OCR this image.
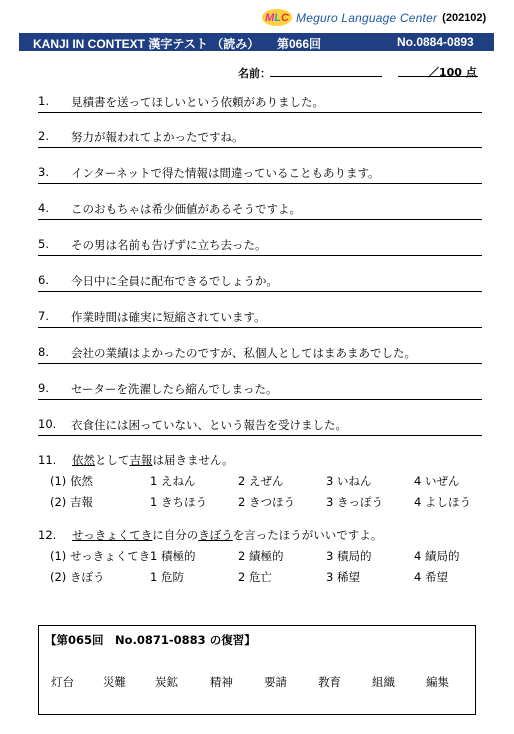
M L C Meguro Language Center (202102)
KANJI IN CONTEXT 漢字テスト （読み） 第066回	No.0884-0893
名前：	／100 点
1. 見積書を送ってほしいという依頼がありました。
2. 努力が報われてよかったですね。
3. インターネットで得た情報は間違っていることもあります。
4. このおもちゃは希少価値があるそうですよ。
5. その男は名前も告げずに立ち去った。
6. 今日中に全員に配布できるでしょうか。
7. 作業時間は確実に短縮されています。
8. 会社の業績はよかったのですが、私個人としてはまあまあでした。
9. セーターを洗濯したら縮んでしまった。
10. 衣食住には困っていない、という報告を受けました。
11. 依然として吉報は届きません。
(1) 依然	1 えねん	2 えぜん	3 いねん	4 いぜん
(2) 吉報	1 きちほう	2 きつほう	3 きっぽう	4 よしほう
12. せっきょくてきに自分のきぼうを言ったほうがいいですよ。
(1) せっきょくてき 1 積極的	2 績極的	3 積局的	4 績局的
(2) きぼう	1 危防	2 危亡	3 稀望	4 希望
【第065回　No.0871-0883 の復習】
灯台	災難	炭鉱	精神	要請	教育	組織	編集
